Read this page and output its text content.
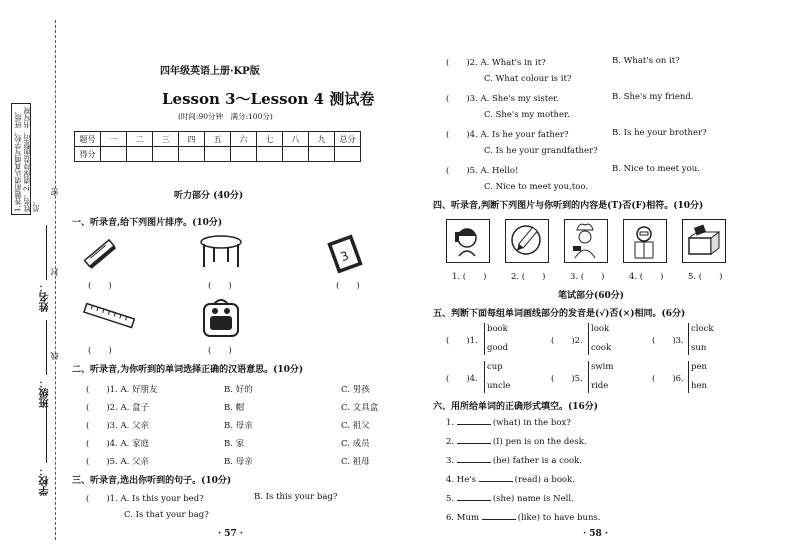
1.答题前请认真填写学校、班级、姓名。2.请保持卷面整洁，书写规范。
密
封
线
学校：
班级：
姓名：
四年级英语上册·KP版
Lesson 3～Lesson 4 测试卷
(时间:90分钟　满分:100分)
题号	一	二	三	四	五	六	七	八	九	总分
得分										
听力部分 (40分)
一、听录音,给下列图片排序。(10分)
3
(　　)	(　　)	(　　)
(　　)	(　　)
二、听录音,为你听到的单词选择正确的汉语意思。(10分)
(　　)1. A. 好朋友	B. 好的	C. 男孩
(　　)2. A. 盒子	B. 帽	C. 文具盒
(　　)3. A. 父亲	B. 母亲	C. 祖父
(　　)4. A. 家庭	B. 家	C. 成员
(　　)5. A. 父亲	B. 母亲	C. 祖母
三、听录音,选出你听到的句子。(10分)
(　　)1. A. Is this your bed?	B. Is this your bag?
C. Is that your bag?
· 57 ·
(　　)2. A. What's in it?	B. What's on it?
C. What colour is it?
(　　)3. A. She's my sister.	B. She's my friend.
C. She's my mother.
(　　)4. A. Is he your father?	B. Is he your brother?
C. Is he your grandfather?
(　　)5. A. Hello!	B. Nice to meet you.
C. Nice to meet you,too.
四、听录音,判断下列图片与你听到的内容是(T)否(F)相符。(10分)
1. (　　)	2. (　　)	3. (　　)	4. (　　)	5. (　　)
笔试部分(60分)
五、判断下面每组单词画线部分的发音是(√)否(×)相同。(6分)
(　　)1.
book
good
(　　)2.
look
cook
(　　)3.
clock
sun
(　　)4.
cup
uncle
(　　)5.
swim
ride
(　　)6.
pen
hen
六、用所给单词的正确形式填空。(16分)
1.	(what) in the box?
2.	(I) pen is on the desk.
3.	(he) father is a cook.
4. He's	(read) a book.
5.	(she) name is Nell.
6. Mum	(like) to have buns.
· 58 ·
